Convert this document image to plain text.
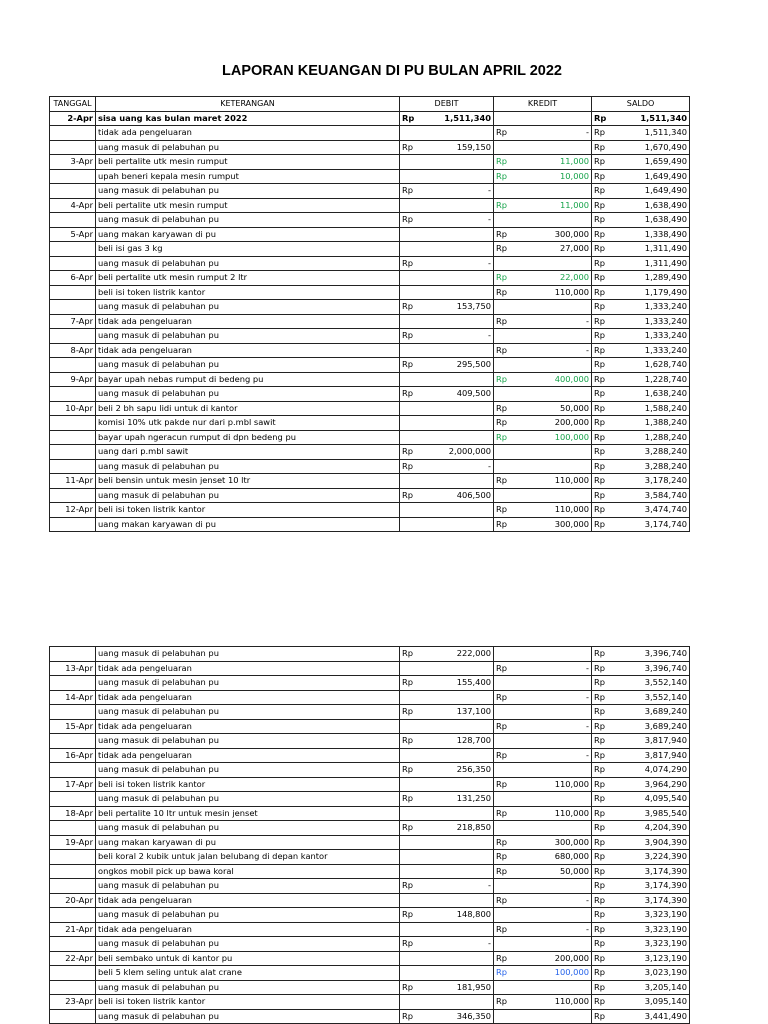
LAPORAN KEUANGAN DI PU BULAN APRIL 2022
TANGGAL	KETERANGAN	DEBIT		KREDIT		SALDO	
2-Apr	sisa uang kas bulan maret 2022	Rp	1,511,340			Rp	1,511,340
	tidak ada pengeluaran			Rp	-	Rp	1,511,340
	uang masuk di pelabuhan pu	Rp	159,150			Rp	1,670,490
3-Apr	beli pertalite utk mesin rumput			Rp	11,000	Rp	1,659,490
	upah beneri kepala mesin rumput			Rp	10,000	Rp	1,649,490
	uang masuk di pelabuhan pu	Rp	-			Rp	1,649,490
4-Apr	beli pertalite utk mesin rumput			Rp	11,000	Rp	1,638,490
	uang masuk di pelabuhan pu	Rp	-			Rp	1,638,490
5-Apr	uang makan karyawan di pu			Rp	300,000	Rp	1,338,490
	beli isi gas 3 kg			Rp	27,000	Rp	1,311,490
	uang masuk di pelabuhan pu	Rp	-			Rp	1,311,490
6-Apr	beli pertalite utk mesin rumput 2 ltr			Rp	22,000	Rp	1,289,490
	beli isi token listrik kantor			Rp	110,000	Rp	1,179,490
	uang masuk di pelabuhan pu	Rp	153,750			Rp	1,333,240
7-Apr	tidak ada pengeluaran			Rp	-	Rp	1,333,240
	uang masuk di pelabuhan pu	Rp	-			Rp	1,333,240
8-Apr	tidak ada pengeluaran			Rp	-	Rp	1,333,240
	uang masuk di pelabuhan pu	Rp	295,500			Rp	1,628,740
9-Apr	bayar upah nebas rumput di bedeng pu			Rp	400,000	Rp	1,228,740
	uang masuk di pelabuhan pu	Rp	409,500			Rp	1,638,240
10-Apr	beli 2 bh sapu lidi untuk di kantor			Rp	50,000	Rp	1,588,240
	komisi 10% utk pakde nur dari p.mbl sawit			Rp	200,000	Rp	1,388,240
	bayar upah ngeracun rumput di dpn bedeng pu			Rp	100,000	Rp	1,288,240
	uang dari p.mbl sawit	Rp	2,000,000			Rp	3,288,240
	uang masuk di pelabuhan pu	Rp	-			Rp	3,288,240
11-Apr	beli bensin untuk mesin jenset 10 ltr			Rp	110,000	Rp	3,178,240
	uang masuk di pelabuhan pu	Rp	406,500			Rp	3,584,740
12-Apr	beli isi token listrik kantor			Rp	110,000	Rp	3,474,740
	uang makan karyawan di pu			Rp	300,000	Rp	3,174,740
	uang masuk di pelabuhan pu	Rp	222,000			Rp	3,396,740
13-Apr	tidak ada pengeluaran			Rp	-	Rp	3,396,740
	uang masuk di pelabuhan pu	Rp	155,400			Rp	3,552,140
14-Apr	tidak ada pengeluaran			Rp	-	Rp	3,552,140
	uang masuk di pelabuhan pu	Rp	137,100			Rp	3,689,240
15-Apr	tidak ada pengeluaran			Rp	-	Rp	3,689,240
	uang masuk di pelabuhan pu	Rp	128,700			Rp	3,817,940
16-Apr	tidak ada pengeluaran			Rp	-	Rp	3,817,940
	uang masuk di pelabuhan pu	Rp	256,350			Rp	4,074,290
17-Apr	beli isi token listrik kantor			Rp	110,000	Rp	3,964,290
	uang masuk di pelabuhan pu	Rp	131,250			Rp	4,095,540
18-Apr	beli pertalite 10 ltr untuk mesin jenset			Rp	110,000	Rp	3,985,540
	uang masuk di pelabuhan pu	Rp	218,850			Rp	4,204,390
19-Apr	uang makan karyawan di pu			Rp	300,000	Rp	3,904,390
	beli koral 2 kubik untuk jalan belubang di depan kantor			Rp	680,000	Rp	3,224,390
	ongkos mobil pick up bawa koral			Rp	50,000	Rp	3,174,390
	uang masuk di pelabuhan pu	Rp	-			Rp	3,174,390
20-Apr	tidak ada pengeluaran			Rp	-	Rp	3,174,390
	uang masuk di pelabuhan pu	Rp	148,800			Rp	3,323,190
21-Apr	tidak ada pengeluaran			Rp	-	Rp	3,323,190
	uang masuk di pelabuhan pu	Rp	-			Rp	3,323,190
22-Apr	beli sembako untuk di kantor pu			Rp	200,000	Rp	3,123,190
	beli 5 klem seling untuk alat crane			Rp	100,000	Rp	3,023,190
	uang masuk di pelabuhan pu	Rp	181,950			Rp	3,205,140
23-Apr	beli isi token listrik kantor			Rp	110,000	Rp	3,095,140
	uang masuk di pelabuhan pu	Rp	346,350			Rp	3,441,490
